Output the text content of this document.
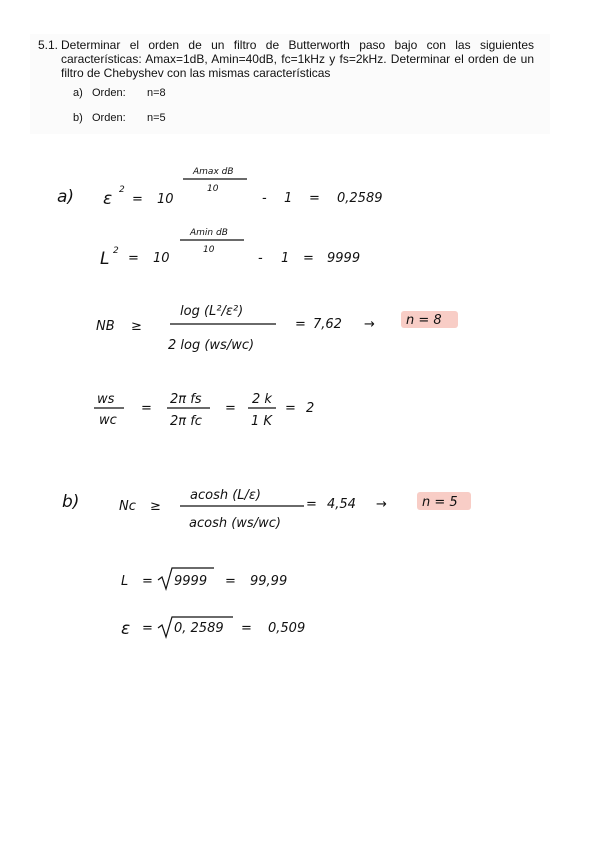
5.1. Determinar el orden de un filtro de Butterworth paso bajo con las siguientes características: Amax=1dB, Amin=40dB, fc=1kHz y fs=2kHz. Determinar el orden de un filtro de Chebyshev con las mismas características
a) Orden: n=8
b) Orden: n=5
a) ε 2
= 10
Amax dB
10
- 1 = 0,2589
L 2 = 10
Amin dB
10
- 1 = 9999
NB ≥
log (L²/ε²)
2 log (ws/wc)
= 7,62 → n = 8
ws
wc
=
2π fs
2π fc
=
2 k
1 K
= 2
b)	Nc ≥
acosh (L/ε)
acosh (ws/wc)
= 4,54 →	n = 5
L = 9999 = 99,99
ε = 0, 2589 = 0,509
